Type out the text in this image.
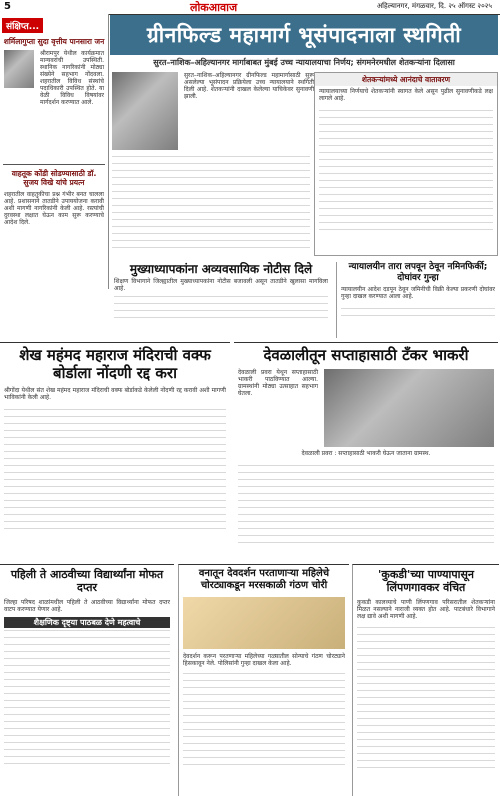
5	लोकआवाज	अहिल्यानगर, मंगळवार, दि. २५ ऑगस्ट २०२५
संक्षिप्त...
शर्मिलागुप्ता सुदा वृत्तीय पानसारा जन
श्रीरामपुर येथील कार्यक्रमात मान्यवरांची उपस्थिती. स्थानिक नागरिकांनी मोठ्या संख्येने सहभाग नोंदवला. शहरातील विविध संस्थांचे पदाधिकारी उपस्थित होते. या वेळी विविध विषयांवर मार्गदर्शन करण्यात आले.
वाहतूक कोंडी सोडण्यासाठी डॉ. सुजय विखे यांचे प्रयत्न
शहरातील वाहतुकीचा प्रश्न गंभीर बनत चालला आहे. प्रशासनाने तातडीने उपाययोजना करावी अशी मागणी नागरिकांनी केली आहे. रस्त्यांची दुरवस्था लक्षात घेऊन काम सुरू करण्याचे आदेश दिले.
ग्रीनफिल्ड महामार्ग भूसंपादनाला स्थगिती
सुरत–नाशिक–अहिल्यानगर मार्गाबाबत मुंबई उच्च न्यायालयाचा निर्णय; संगमनेरमधील शेतकऱ्यांना दिलासा
सुरत–नाशिक–अहिल्यानगर ग्रीनफिल्ड महामार्गासाठी सुरू असलेल्या भूसंपादन प्रक्रियेला उच्च न्यायालयाने स्थगिती दिली आहे. शेतकऱ्यांनी दाखल केलेल्या याचिकेवर सुनावणी झाली.
शेतकऱ्यांमध्ये आनंदाचे वातावरण
न्यायालयाच्या निर्णयाचे शेतकऱ्यांनी स्वागत केले असून पुढील सुनावणीकडे लक्ष लागले आहे.
मुख्याध्यापकांना अव्यवसायिक नोटीस दिले
शिक्षण विभागाने जिल्ह्यातील मुख्याध्यापकांना नोटीस बजावली असून तातडीने खुलासा मागविला आहे.
न्यायालयीन तारा लपवून ठेवून नमिनफिर्की; दोघांवर गुन्हा
न्यायालयीन आदेश दडपून ठेवून जमिनीची विक्री केल्या प्रकरणी दोघांवर गुन्हा दाखल करण्यात आला आहे.
शेख महंमद महाराज मंदिराची वक्फ बोर्डाला नोंदणी रद्द करा
श्रीगोंदा येथील संत शेख महंमद महाराज मंदिराची वक्फ बोर्डाकडे केलेली नोंदणी रद्द करावी अशी मागणी भाविकांनी केली आहे.
देवळालीतून सप्ताहासाठी टँकर भाकरी
देवळाली प्रवरा येथून सप्ताहासाठी भाकरी पाठविण्यात आल्या. ग्रामस्थांनी मोठ्या उत्साहात सहभाग घेतला.
देवळाली प्रवरा : सप्ताहासाठी भाकरी घेऊन जाताना ग्रामस्थ.
पहिली ते आठवीच्या विद्यार्थ्यांना मोफत दप्तर
जिल्हा परिषद शाळांमधील पहिली ते आठवीच्या विद्यार्थ्यांना मोफत दप्तर वाटप करण्यात येणार आहे.
शैक्षणिक दृष्ट्या पाठबळ देणे महत्वाचे
वनातून देवदर्शन परताणाऱ्या महिलेचे चोरट्याकडून मरसकाळी गंठण चोरी
देवदर्शन करून परतणाऱ्या महिलेच्या गळ्यातील सोन्याचे गंठण चोरट्याने हिसकावून नेले. पोलिसांनी गुन्हा दाखल केला आहे.
'कुकडी'च्या पाण्यापासून लिंपणगावकर वंचित
कुकडी कालव्याचे पाणी लिंपणगाव परिसरातील शेतकऱ्यांना मिळत नसल्याने नाराजी व्यक्त होत आहे. पाटबंधारे विभागाने लक्ष द्यावे अशी मागणी आहे.
